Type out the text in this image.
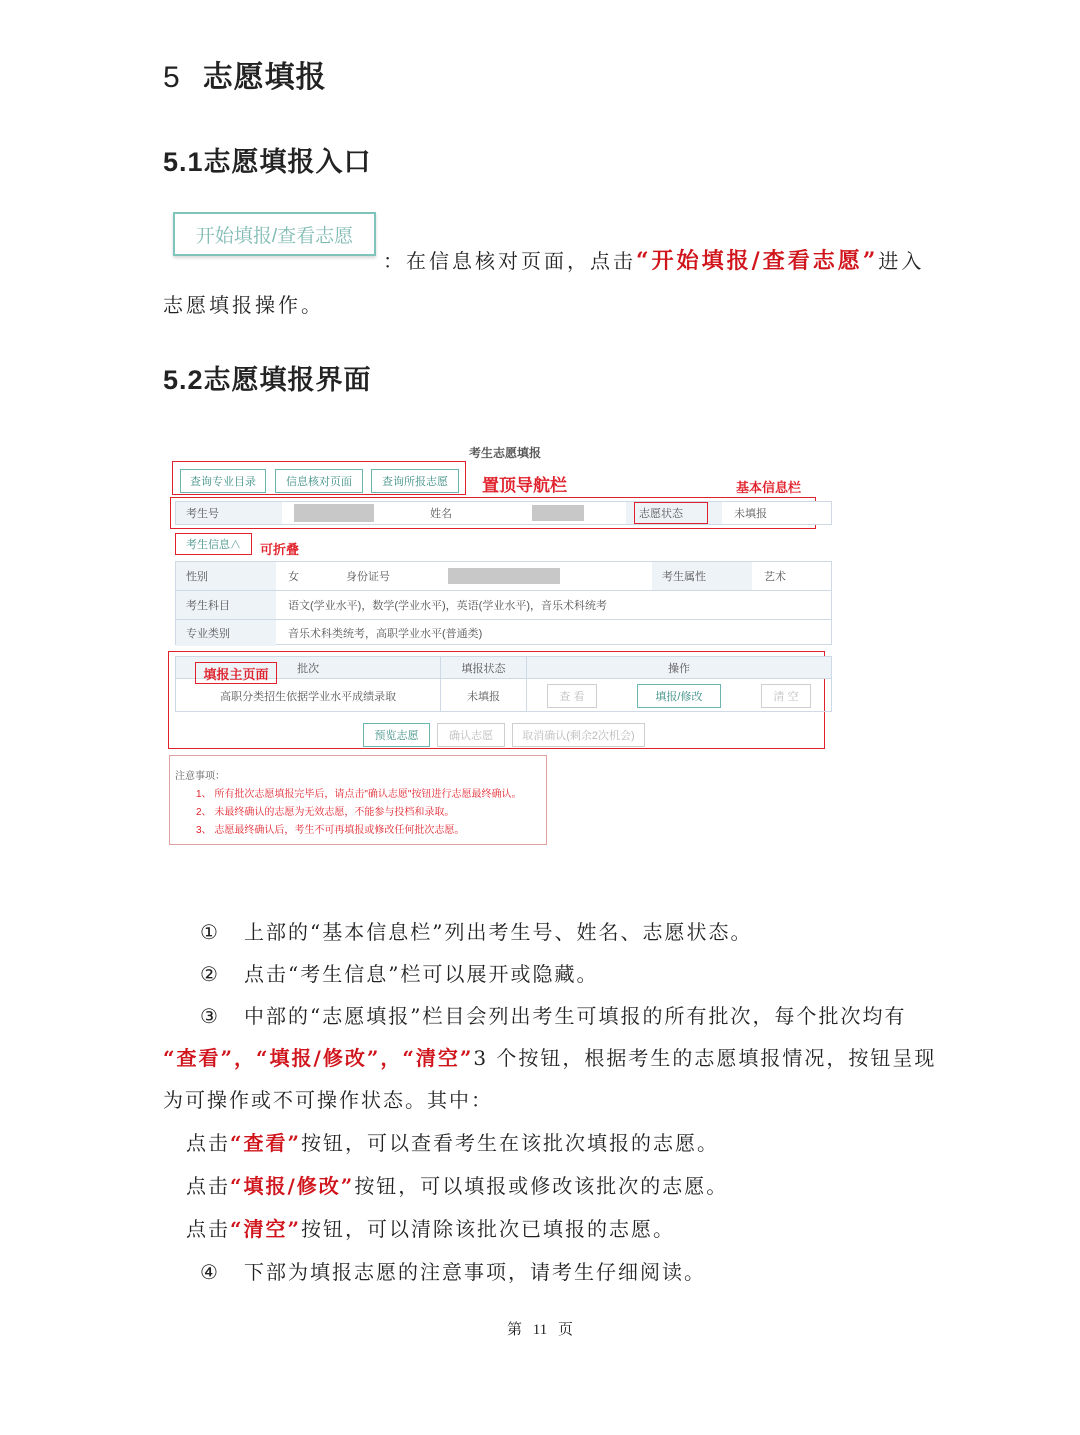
5 志愿填报
5.1志愿填报入口
开始填报/查看志愿
：在信息核对页面，点击“开始填报/查看志愿”进入
志愿填报操作。
5.2志愿填报界面
考生志愿填报
查询专业目录	信息核对页面	查询所报志愿	置顶导航栏	基本信息栏
考生号	姓名	志愿状态	未填报
考生信息∧	可折叠
性别	女	身份证号	考生属性	艺术
考生科目	语文(学业水平)，数学(学业水平)，英语(学业水平)，音乐术科统考
专业类别	音乐术科类统考，高职学业水平(普通类)
批次	填报状态	操作
高职分类招生依据学业水平成绩录取	未填报	查 看	填报/修改	清 空
填报主页面
预览志愿	确认志愿	取消确认(剩余2次机会)
注意事项：
1、 所有批次志愿填报完毕后，请点击"确认志愿"按钮进行志愿最终确认。
2、 未最终确认的志愿为无效志愿，不能参与投档和录取。
3、 志愿最终确认后，考生不可再填报或修改任何批次志愿。
① 上部的“基本信息栏”列出考生号、姓名、志愿状态。
② 点击“考生信息”栏可以展开或隐藏。
③ 中部的“志愿填报”栏目会列出考生可填报的所有批次，每个批次均有
“查看”，“填报/修改”，“清空”3 个按钮，根据考生的志愿填报情况，按钮呈现
为可操作或不可操作状态。其中：
点击“查看”按钮，可以查看考生在该批次填报的志愿。
点击“填报/修改”按钮，可以填报或修改该批次的志愿。
点击“清空”按钮，可以清除该批次已填报的志愿。
④ 下部为填报志愿的注意事项，请考生仔细阅读。
第 11 页
